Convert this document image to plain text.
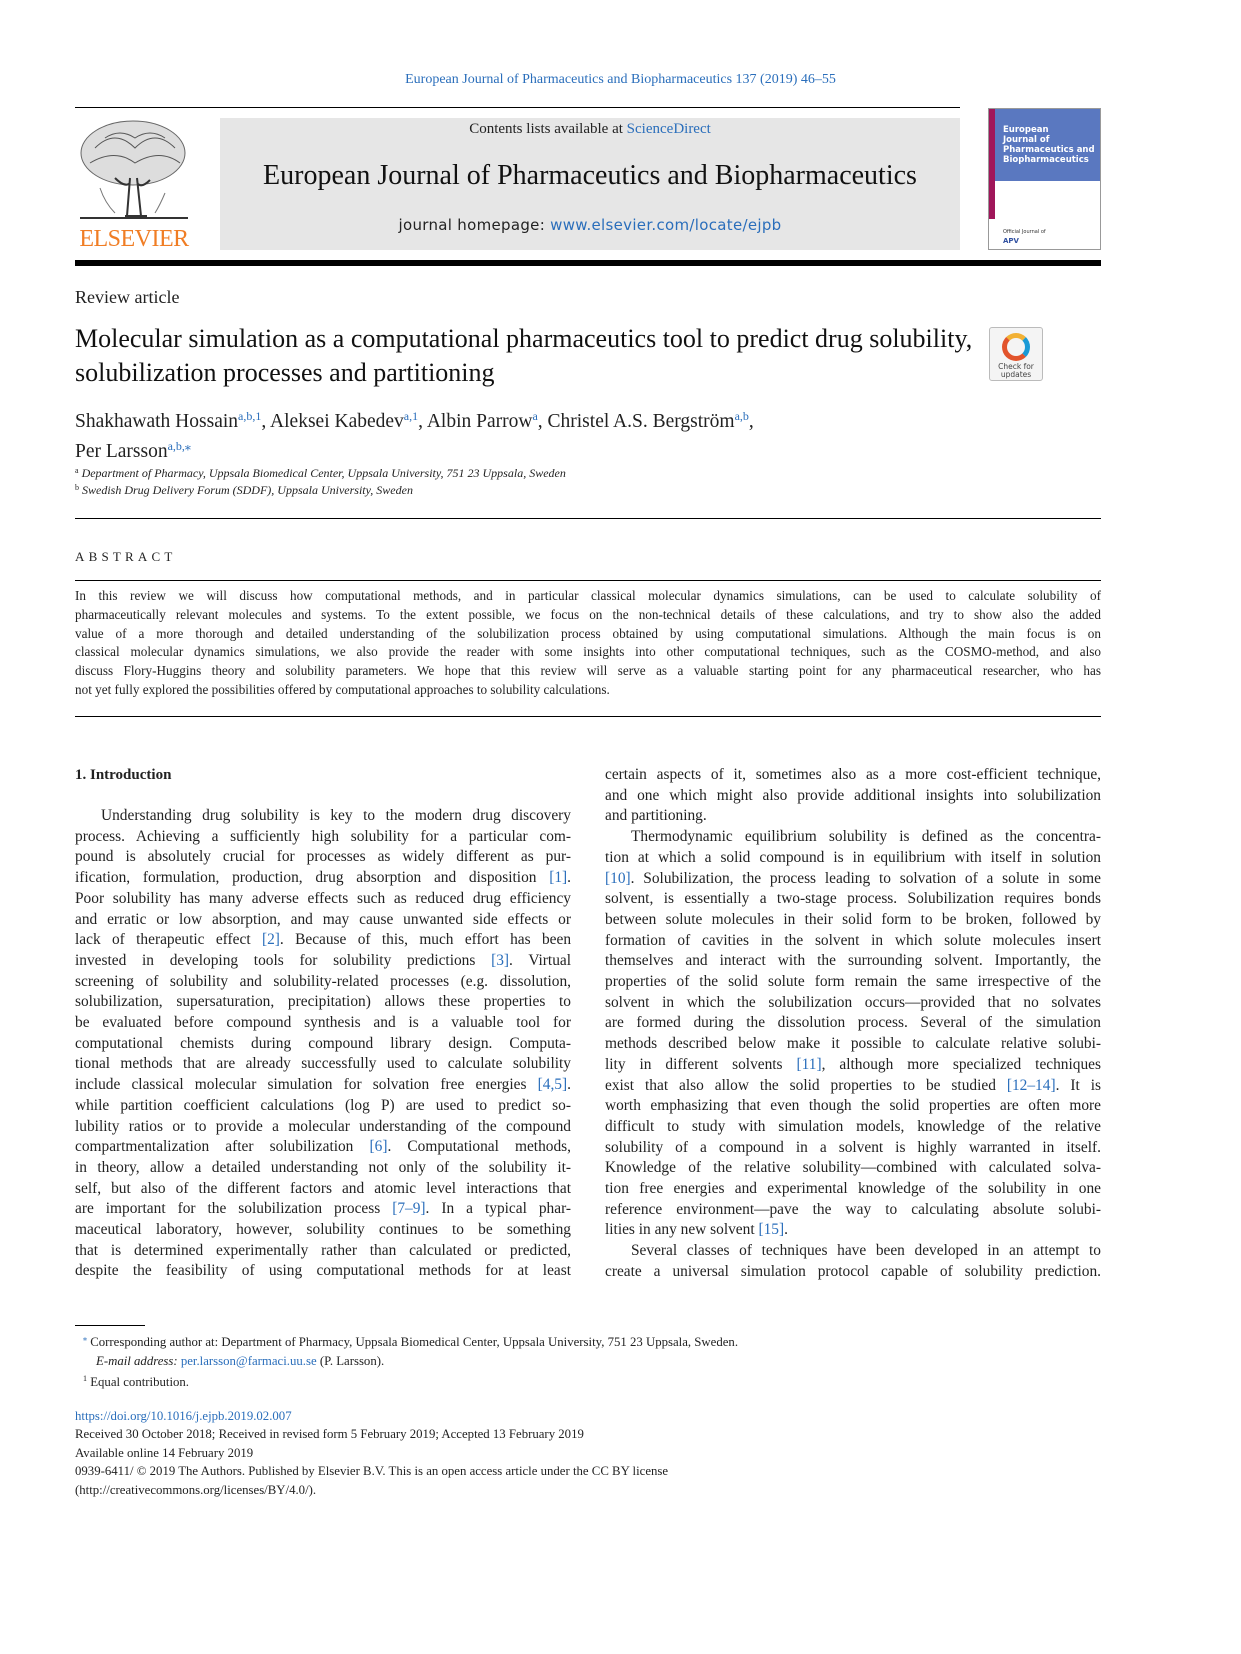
European Journal of Pharmaceutics and Biopharmaceutics 137 (2019) 46–55
ELSEVIER
Contents lists available at ScienceDirect
European Journal of Pharmaceutics and Biopharmaceutics
journal homepage: www.elsevier.com/locate/ejpb
European
Journal of
Pharmaceutics and
Biopharmaceutics
Official Journal of
APV
Review article
Molecular simulation as a computational pharmaceutics tool to predict drug solubility, solubilization processes and partitioning	Check for updates
Shakhawath Hossain$^{a,b,1}$, Aleksei Kabedev$^{a,1}$, Albin Parrow$^a$, Christel A.S. Bergström$^{a,b}$,
Per Larsson$^{a,b,⁎}$
$^a$ Department of Pharmacy, Uppsala Biomedical Center, Uppsala University, 751 23 Uppsala, Sweden
$^b$ Swedish Drug Delivery Forum (SDDF), Uppsala University, Sweden
ABSTRACT
In this review we will discuss how computational methods, and in particular classical molecular dynamics simulations, can be used to calculate solubility of
pharmaceutically relevant molecules and systems. To the extent possible, we focus on the non-technical details of these calculations, and try to show also the added
value of a more thorough and detailed understanding of the solubilization process obtained by using computational simulations. Although the main focus is on
classical molecular dynamics simulations, we also provide the reader with some insights into other computational techniques, such as the COSMO-method, and also
discuss Flory-Huggins theory and solubility parameters. We hope that this review will serve as a valuable starting point for any pharmaceutical researcher, who has
not yet fully explored the possibilities offered by computational approaches to solubility calculations.
1. Introduction
Understanding drug solubility is key to the modern drug discovery
process. Achieving a sufficiently high solubility for a particular com-
pound is absolutely crucial for processes as widely different as pur-
ification, formulation, production, drug absorption and disposition [1].
Poor solubility has many adverse effects such as reduced drug efficiency
and erratic or low absorption, and may cause unwanted side effects or
lack of therapeutic effect [2]. Because of this, much effort has been
invested in developing tools for solubility predictions [3]. Virtual
screening of solubility and solubility-related processes (e.g. dissolution,
solubilization, supersaturation, precipitation) allows these properties to
be evaluated before compound synthesis and is a valuable tool for
computational chemists during compound library design. Computa-
tional methods that are already successfully used to calculate solubility
include classical molecular simulation for solvation free energies [4,5].
while partition coefficient calculations (log P) are used to predict so-
lubility ratios or to provide a molecular understanding of the compound
compartmentalization after solubilization [6]. Computational methods,
in theory, allow a detailed understanding not only of the solubility it-
self, but also of the different factors and atomic level interactions that
are important for the solubilization process [7–9]. In a typical phar-
maceutical laboratory, however, solubility continues to be something
that is determined experimentally rather than calculated or predicted,
despite the feasibility of using computational methods for at least
certain aspects of it, sometimes also as a more cost-efficient technique,
and one which might also provide additional insights into solubilization
and partitioning.
Thermodynamic equilibrium solubility is defined as the concentra-
tion at which a solid compound is in equilibrium with itself in solution
[10]. Solubilization, the process leading to solvation of a solute in some
solvent, is essentially a two-stage process. Solubilization requires bonds
between solute molecules in their solid form to be broken, followed by
formation of cavities in the solvent in which solute molecules insert
themselves and interact with the surrounding solvent. Importantly, the
properties of the solid solute form remain the same irrespective of the
solvent in which the solubilization occurs—provided that no solvates
are formed during the dissolution process. Several of the simulation
methods described below make it possible to calculate relative solubi-
lity in different solvents [11], although more specialized techniques
exist that also allow the solid properties to be studied [12–14]. It is
worth emphasizing that even though the solid properties are often more
difficult to study with simulation models, knowledge of the relative
solubility of a compound in a solvent is highly warranted in itself.
Knowledge of the relative solubility—combined with calculated solva-
tion free energies and experimental knowledge of the solubility in one
reference environment—pave the way to calculating absolute solubi-
lities in any new solvent [15].
Several classes of techniques have been developed in an attempt to
create a universal simulation protocol capable of solubility prediction.
⁎ Corresponding author at: Department of Pharmacy, Uppsala Biomedical Center, Uppsala University, 751 23 Uppsala, Sweden.
E-mail address: per.larsson@farmaci.uu.se (P. Larsson).
$^1$ Equal contribution.
https://doi.org/10.1016/j.ejpb.2019.02.007
Received 30 October 2018; Received in revised form 5 February 2019; Accepted 13 February 2019
Available online 14 February 2019
0939-6411/ © 2019 The Authors. Published by Elsevier B.V. This is an open access article under the CC BY license
(http://creativecommons.org/licenses/BY/4.0/).
